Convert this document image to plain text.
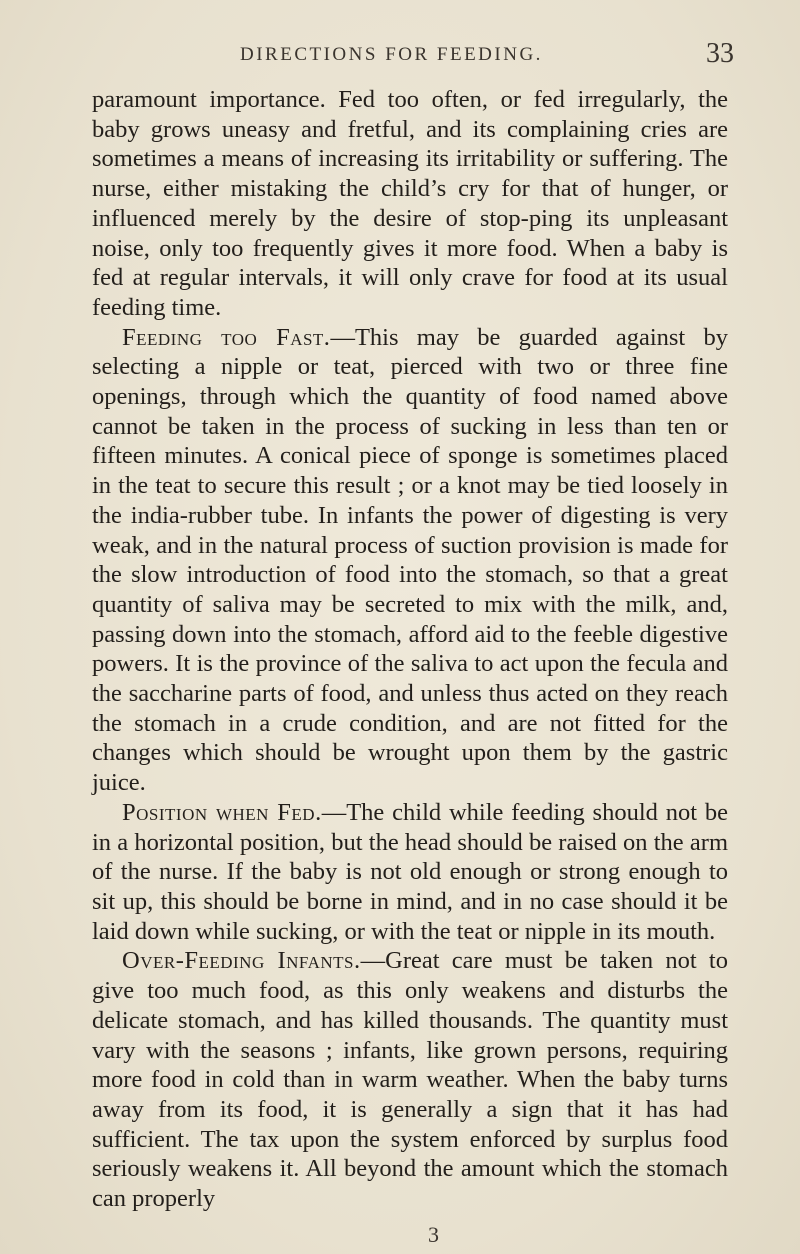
DIRECTIONS FOR FEEDING.	33

paramount importance. Fed too often, or fed irregularly, the baby grows uneasy and fretful, and its complaining cries are sometimes a means of increasing its irritability or suffering. The nurse, either mistaking the child’s cry for that of hunger, or influenced merely by the desire of stop-ping its unpleasant noise, only too frequently gives it more food. When a baby is fed at regular intervals, it will only crave for food at its usual feeding time.

Feeding too Fast.—This may be guarded against by selecting a nipple or teat, pierced with two or three fine openings, through which the quantity of food named above cannot be taken in the process of sucking in less than ten or fifteen minutes. A conical piece of sponge is sometimes placed in the teat to secure this result ; or a knot may be tied loosely in the india-rubber tube. In infants the power of digesting is very weak, and in the natural process of suction provision is made for the slow introduction of food into the stomach, so that a great quantity of saliva may be secreted to mix with the milk, and, passing down into the stomach, afford aid to the feeble digestive powers. It is the province of the saliva to act upon the fecula and the saccharine parts of food, and unless thus acted on they reach the stomach in a crude condition, and are not fitted for the changes which should be wrought upon them by the gastric juice.

Position when Fed.—The child while feeding should not be in a horizontal position, but the head should be raised on the arm of the nurse. If the baby is not old enough or strong enough to sit up, this should be borne in mind, and in no case should it be laid down while sucking, or with the teat or nipple in its mouth.

Over-Feeding Infants.—Great care must be taken not to give too much food, as this only weakens and disturbs the delicate stomach, and has killed thousands. The quantity must vary with the seasons ; infants, like grown persons, requiring more food in cold than in warm weather. When the baby turns away from its food, it is generally a sign that it has had sufficient. The tax upon the system enforced by surplus food seriously weakens it. All beyond the amount which the stomach can properly

3
